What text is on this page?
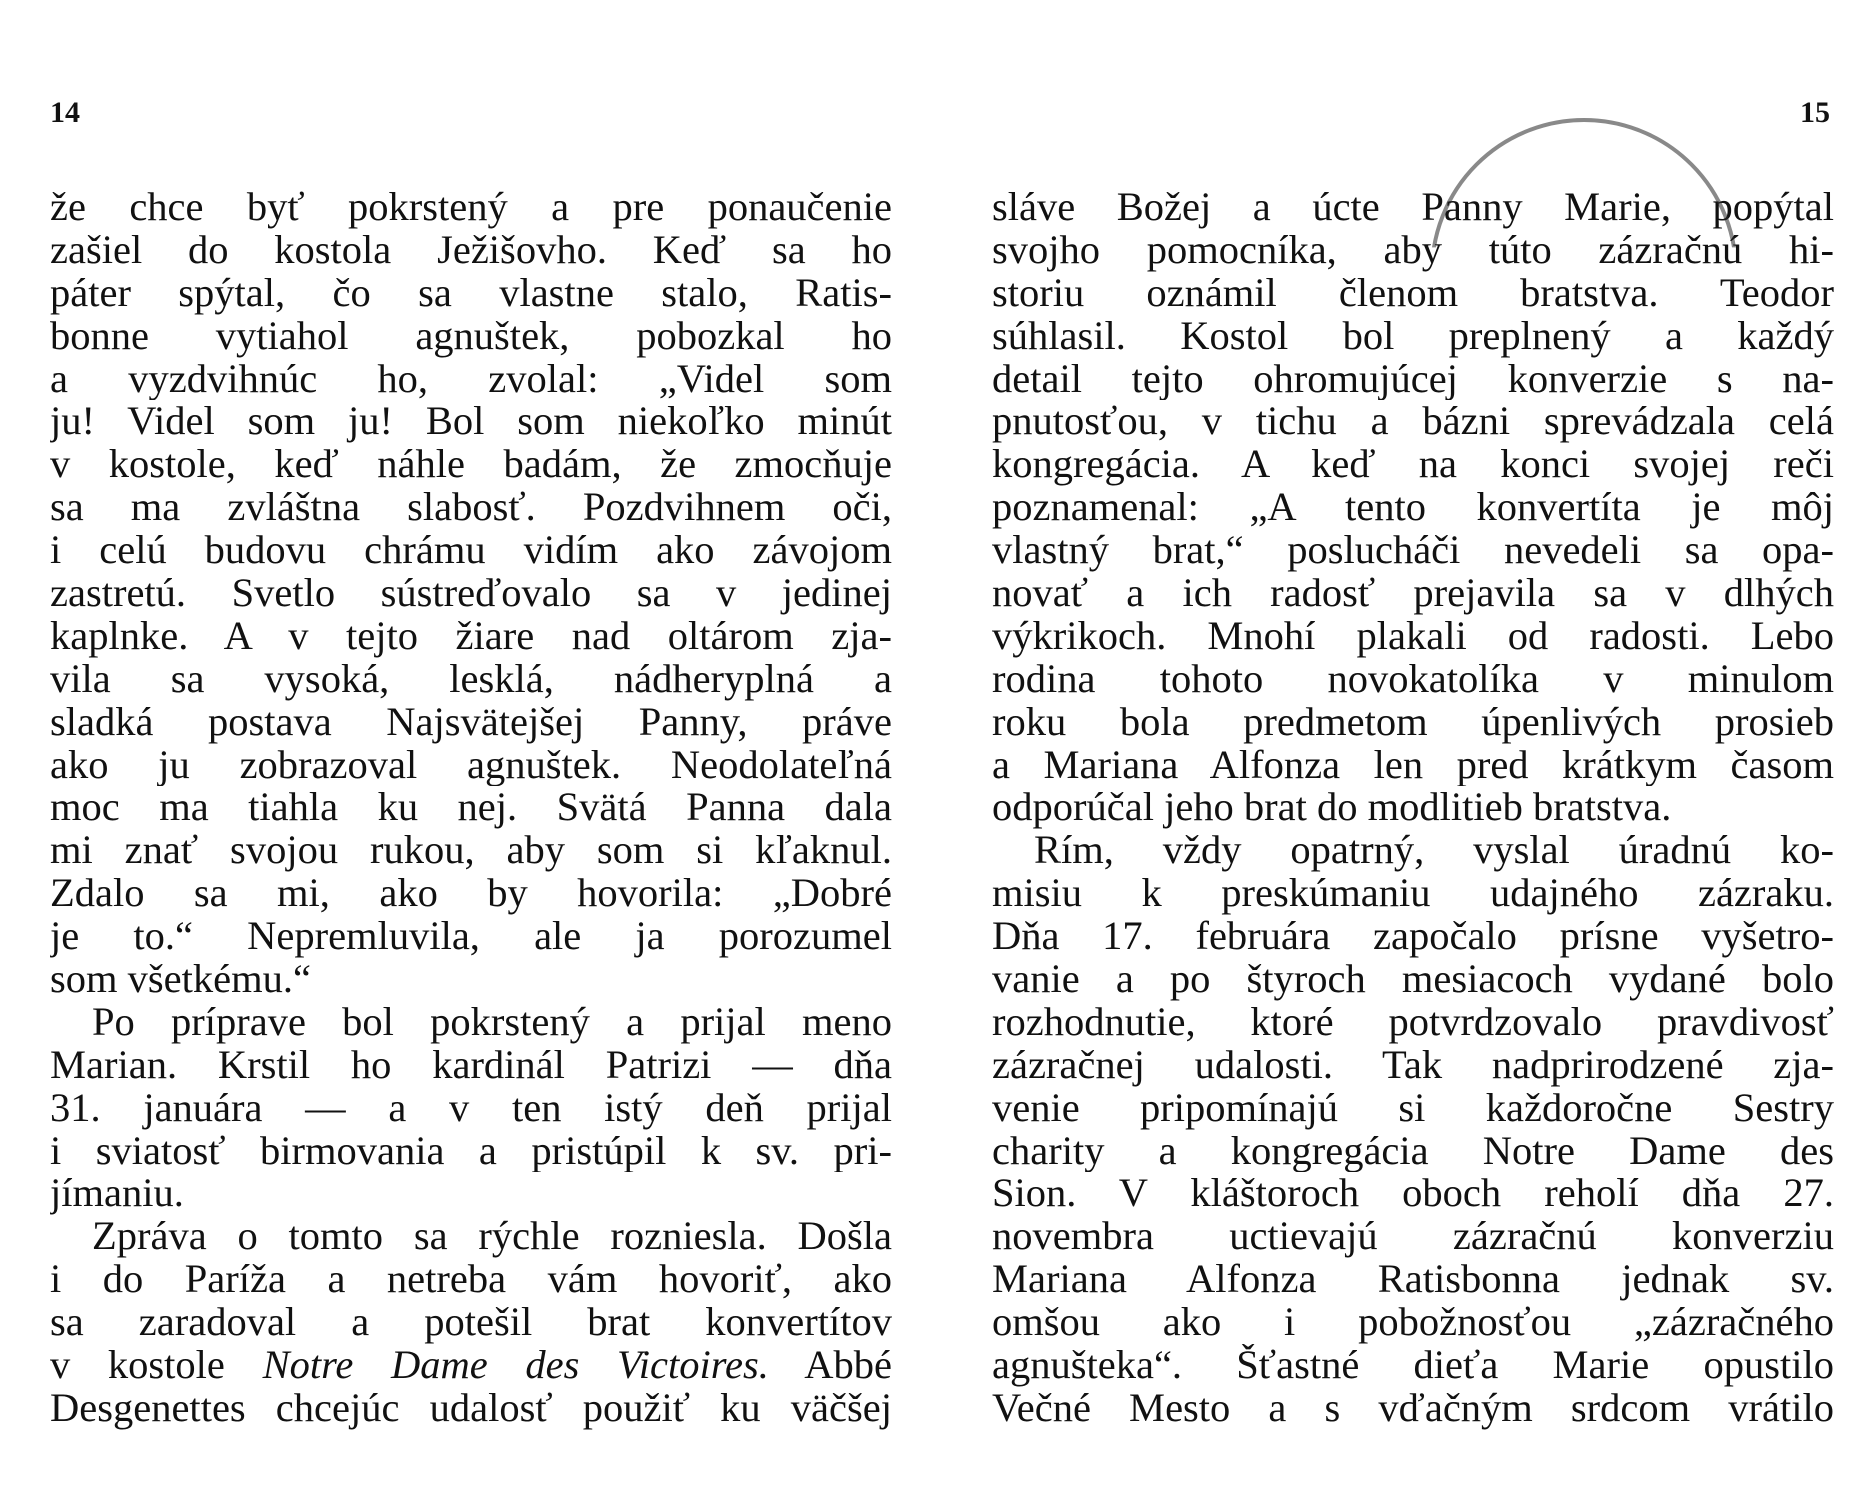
14	15
že chce byť pokrstený a pre ponaučenie
zašiel do kostola Ježišovho. Keď sa ho
páter spýtal, čo sa vlastne stalo, Ratis-
bonne vytiahol agnuštek, pobozkal ho
a vyzdvihnúc ho, zvolal: „Videl som
ju! Videl som ju! Bol som niekoľko minút
v kostole, keď náhle badám, že zmocňuje
sa ma zvláštna slabosť. Pozdvihnem oči,
i celú budovu chrámu vidím ako závojom
zastretú. Svetlo sústreďovalo sa v jedinej
kaplnke. A v tejto žiare nad oltárom zja-
vila sa vysoká, lesklá, nádheryplná a
sladká postava Najsvätejšej Panny, práve
ako ju zobrazoval agnuštek. Neodolateľná
moc ma tiahla ku nej. Svätá Panna dala
mi znať svojou rukou, aby som si kľaknul.
Zdalo sa mi, ako by hovorila: „Dobré
je to.“ Nepremluvila, ale ja porozumel
som všetkému.“
Po príprave bol pokrstený a prijal meno
Marian. Krstil ho kardinál Patrizi — dňa
31. januára — a v ten istý deň prijal
i sviatosť birmovania a pristúpil k sv. pri-
jímaniu.
Zpráva o tomto sa rýchle rozniesla. Došla
i do Paríža a netreba vám hovoriť, ako
sa zaradoval a potešil brat konvertítov
v kostole Notre Dame des Victoires. Abbé
Desgenettes chcejúc udalosť použiť ku väčšej
sláve Božej a úcte Panny Marie, popýtal
svojho pomocníka, aby túto zázračnú hi-
storiu oznámil členom bratstva. Teodor
súhlasil. Kostol bol preplnený a každý
detail tejto ohromujúcej konverzie s na-
pnutosťou, v tichu a bázni sprevádzala celá
kongregácia. A keď na konci svojej reči
poznamenal: „A tento konvertíta je môj
vlastný brat,“ poslucháči nevedeli sa opa-
novať a ich radosť prejavila sa v dlhých
výkrikoch. Mnohí plakali od radosti. Lebo
rodina tohoto novokatolíka v minulom
roku bola predmetom úpenlivých prosieb
a Mariana Alfonza len pred krátkym časom
odporúčal jeho brat do modlitieb bratstva.
Rím, vždy opatrný, vyslal úradnú ko-
misiu k preskúmaniu udajného zázraku.
Dňa 17. februára započalo prísne vyšetro-
vanie a po štyroch mesiacoch vydané bolo
rozhodnutie, ktoré potvrdzovalo pravdivosť
zázračnej udalosti. Tak nadprirodzené zja-
venie pripomínajú si každoročne Sestry
charity a kongregácia Notre Dame des
Sion. V kláštoroch oboch reholí dňa 27.
novembra uctievajú zázračnú konverziu
Mariana Alfonza Ratisbonna jednak sv.
omšou ako i pobožnosťou „zázračného
agnušteka“. Šťastné dieťa Marie opustilo
Večné Mesto a s vďačným srdcom vrátilo
